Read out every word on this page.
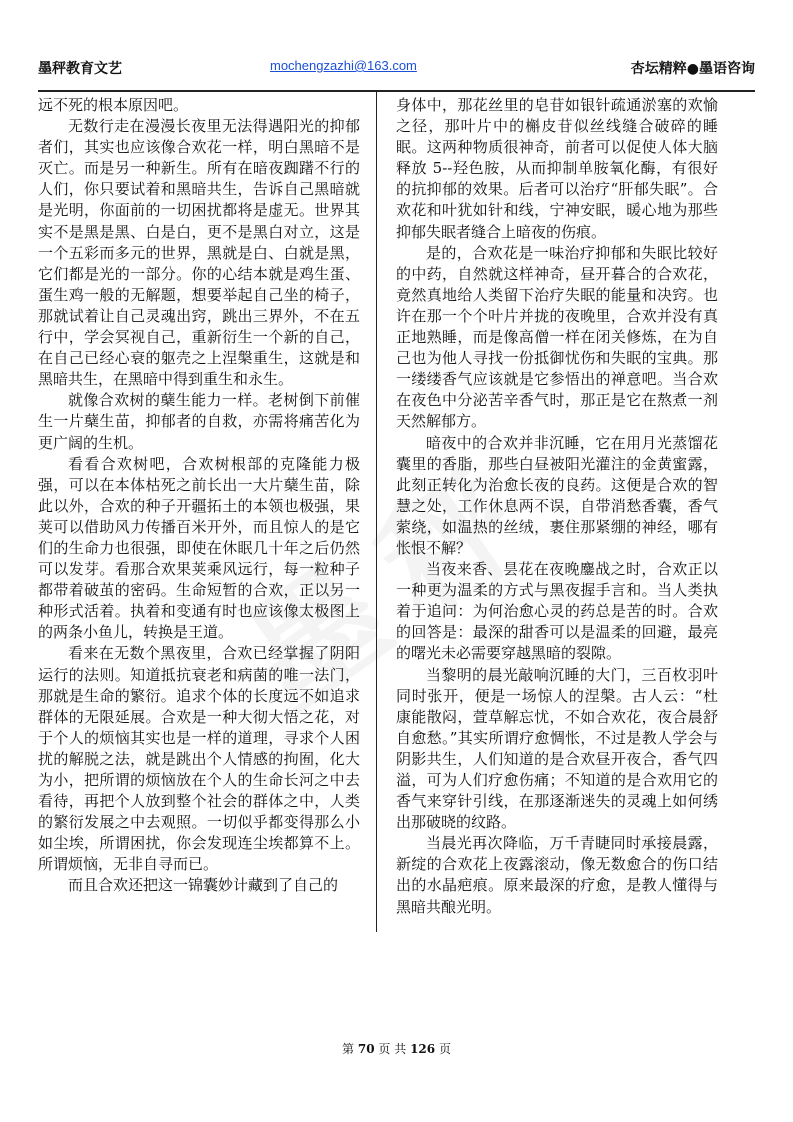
墨秤教育文艺	mochengzazhi@163.com	杏坛精粹●墨语咨询

远不死的根本原因吧。

无数行走在漫漫长夜里无法得遇阳光的抑郁者们，其实也应该像合欢花一样，明白黑暗不是灭亡。而是另一种新生。所有在暗夜踟躇不行的人们，你只要试着和黑暗共生，告诉自己黑暗就是光明，你面前的一切困扰都将是虚无。世界其实不是黑是黑、白是白，更不是黑白对立，这是一个五彩而多元的世界，黑就是白、白就是黑，它们都是光的一部分。你的心结本就是鸡生蛋、蛋生鸡一般的无解题，想要举起自己坐的椅子，那就试着让自己灵魂出窍，跳出三界外，不在五行中，学会冥视自己，重新衍生一个新的自己，在自己已经心衰的躯壳之上涅槃重生，这就是和黑暗共生，在黑暗中得到重生和永生。

就像合欢树的蘖生能力一样。老树倒下前催生一片蘖生苗，抑郁者的自救，亦需将痛苦化为更广阔的生机。

看看合欢树吧，合欢树根部的克隆能力极强，可以在本体枯死之前长出一大片蘖生苗，除此以外，合欢的种子开疆拓土的本领也极强，果荚可以借助风力传播百米开外，而且惊人的是它们的生命力也很强，即使在休眠几十年之后仍然可以发芽。看那合欢果荚乘风远行，每一粒种子都带着破茧的密码。生命短暂的合欢，正以另一种形式活着。执着和变通有时也应该像太极图上的两条小鱼儿，转换是王道。

看来在无数个黑夜里，合欢已经掌握了阴阳运行的法则。知道抵抗衰老和病菌的唯一法门，那就是生命的繁衍。追求个体的长度远不如追求群体的无限延展。合欢是一种大彻大悟之花，对于个人的烦恼其实也是一样的道理，寻求个人困扰的解脱之法，就是跳出个人情感的拘囿，化大为小，把所谓的烦恼放在个人的生命长河之中去看待，再把个人放到整个社会的群体之中，人类的繁衍发展之中去观照。一切似乎都变得那么小如尘埃，所谓困扰，你会发现连尘埃都算不上。所谓烦恼，无非自寻而已。

而且合欢还把这一锦囊妙计藏到了自己的

身体中，那花丝里的皂苷如银针疏通淤塞的欢愉之径，那叶片中的槲皮苷似丝线缝合破碎的睡眠。这两种物质很神奇，前者可以促使人体大脑释放 5--羟色胺，从而抑制单胺氧化酶，有很好的抗抑郁的效果。后者可以治疗“肝郁失眠”。合欢花和叶犹如针和线，宁神安眠，暖心地为那些抑郁失眠者缝合上暗夜的伤痕。

是的，合欢花是一味治疗抑郁和失眠比较好的中药，自然就这样神奇，昼开暮合的合欢花，竟然真地给人类留下治疗失眠的能量和决窍。也许在那一个个叶片并拢的夜晚里，合欢并没有真正地熟睡，而是像高僧一样在闭关修炼，在为自己也为他人寻找一份抵御忧伤和失眠的宝典。那一缕缕香气应该就是它参悟出的禅意吧。当合欢在夜色中分泌苦辛香气时，那正是它在熬煮一剂天然解郁方。

暗夜中的合欢并非沉睡，它在用月光蒸馏花囊里的香脂，那些白昼被阳光灌注的金黄蜜露，此刻正转化为治愈长夜的良药。这便是合欢的智慧之处，工作休息两不误，自带消愁香囊，香气萦绕，如温热的丝绒，裹住那紧绷的神经，哪有怅恨不解？

当夜来香、昙花在夜晚鏖战之时，合欢正以一种更为温柔的方式与黑夜握手言和。当人类执着于追问：为何治愈心灵的药总是苦的时。合欢的回答是：最深的甜香可以是温柔的回避，最亮的曙光未必需要穿越黑暗的裂隙。

当黎明的晨光敲响沉睡的大门，三百枚羽叶同时张开，便是一场惊人的涅槃。古人云：“杜康能散闷，萱草解忘忧，不如合欢花，夜合晨舒自愈愁。”其实所谓疗愈惆怅，不过是教人学会与阴影共生，人们知道的是合欢昼开夜合，香气四溢，可为人们疗愈伤痛；不知道的是合欢用它的香气来穿针引线，在那逐渐迷失的灵魂上如何绣出那破晓的纹路。

当晨光再次降临，万千青睫同时承接晨露，新绽的合欢花上夜露滚动，像无数愈合的伤口结出的水晶疤痕。原来最深的疗愈，是教人懂得与黑暗共酿光明。

第 70 页 共 126 页
